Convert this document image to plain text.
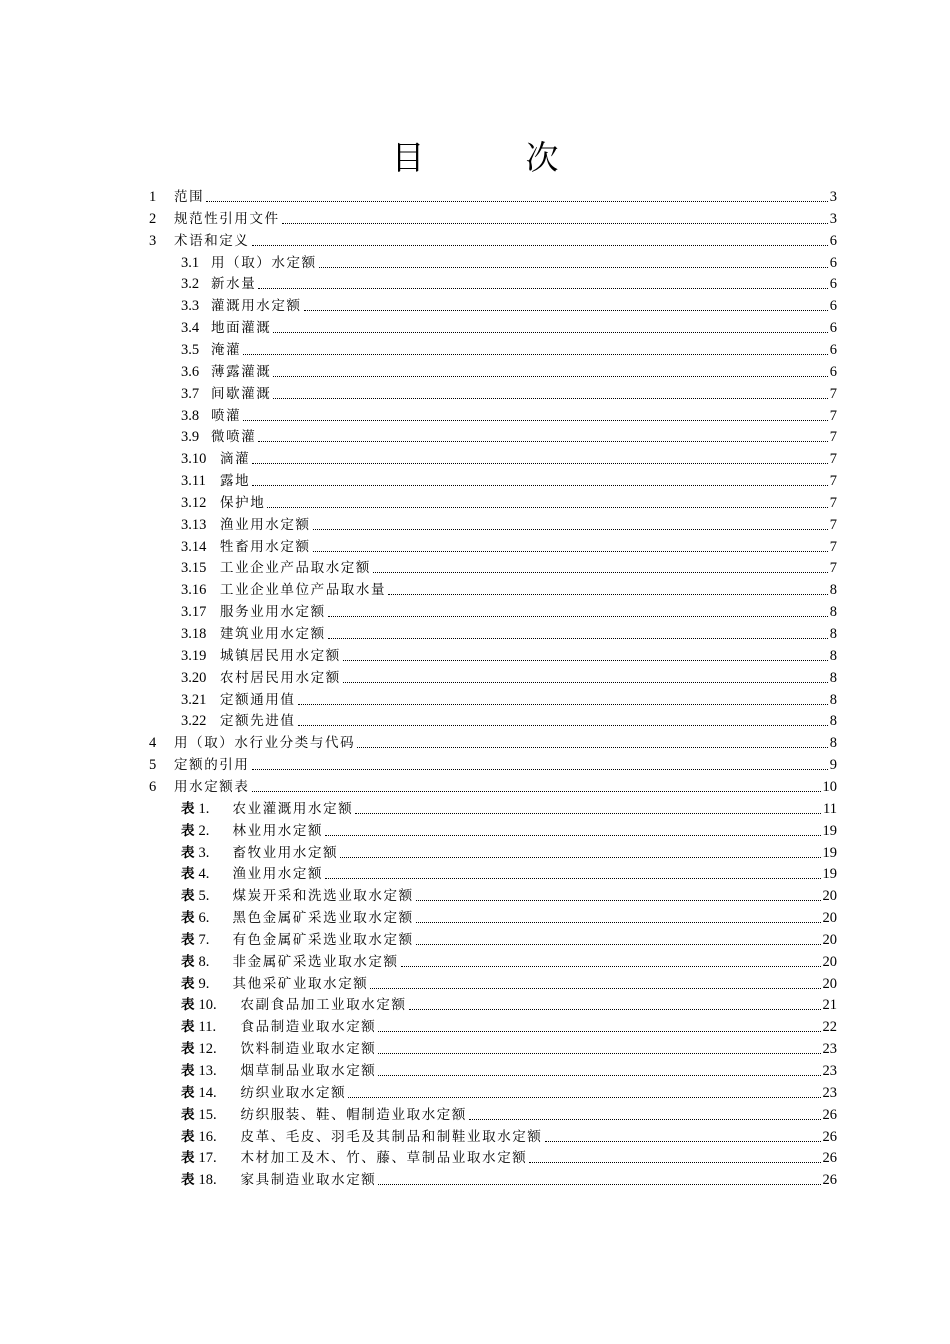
目　次
1	范围	3
2	规范性引用文件	3
3	术语和定义	6
3.1 用（取）水定额	6
3.2 新水量	6
3.3 灌溉用水定额	6
3.4 地面灌溉	6
3.5 淹灌	6
3.6 薄露灌溉	6
3.7 间歇灌溉	7
3.8 喷灌	7
3.9 微喷灌	7
3.10	滴灌	7
3.11	露地	7
3.12	保护地	7
3.13	渔业用水定额	7
3.14	牲畜用水定额	7
3.15	工业企业产品取水定额	7
3.16	工业企业单位产品取水量	8
3.17	服务业用水定额	8
3.18	建筑业用水定额	8
3.19	城镇居民用水定额	8
3.20	农村居民用水定额	8
3.21	定额通用值	8
3.22	定额先进值	8
4	用（取）水行业分类与代码	8
5	定额的引用	9
6	用水定额表	10
表 1.	农业灌溉用水定额	11
表 2.	林业用水定额	19
表 3.	畜牧业用水定额	19
表 4.	渔业用水定额	19
表 5.	煤炭开采和洗选业取水定额	20
表 6.	黑色金属矿采选业取水定额	20
表 7.	有色金属矿采选业取水定额	20
表 8.	非金属矿采选业取水定额	20
表 9.	其他采矿业取水定额	20
表 10.	农副食品加工业取水定额	21
表 11.	食品制造业取水定额	22
表 12.	饮料制造业取水定额	23
表 13.	烟草制品业取水定额	23
表 14.	纺织业取水定额	23
表 15.	纺织服装、鞋、帽制造业取水定额	26
表 16.	皮革、毛皮、羽毛及其制品和制鞋业取水定额	26
表 17.	木材加工及木、竹、藤、草制品业取水定额	26
表 18.	家具制造业取水定额	26
